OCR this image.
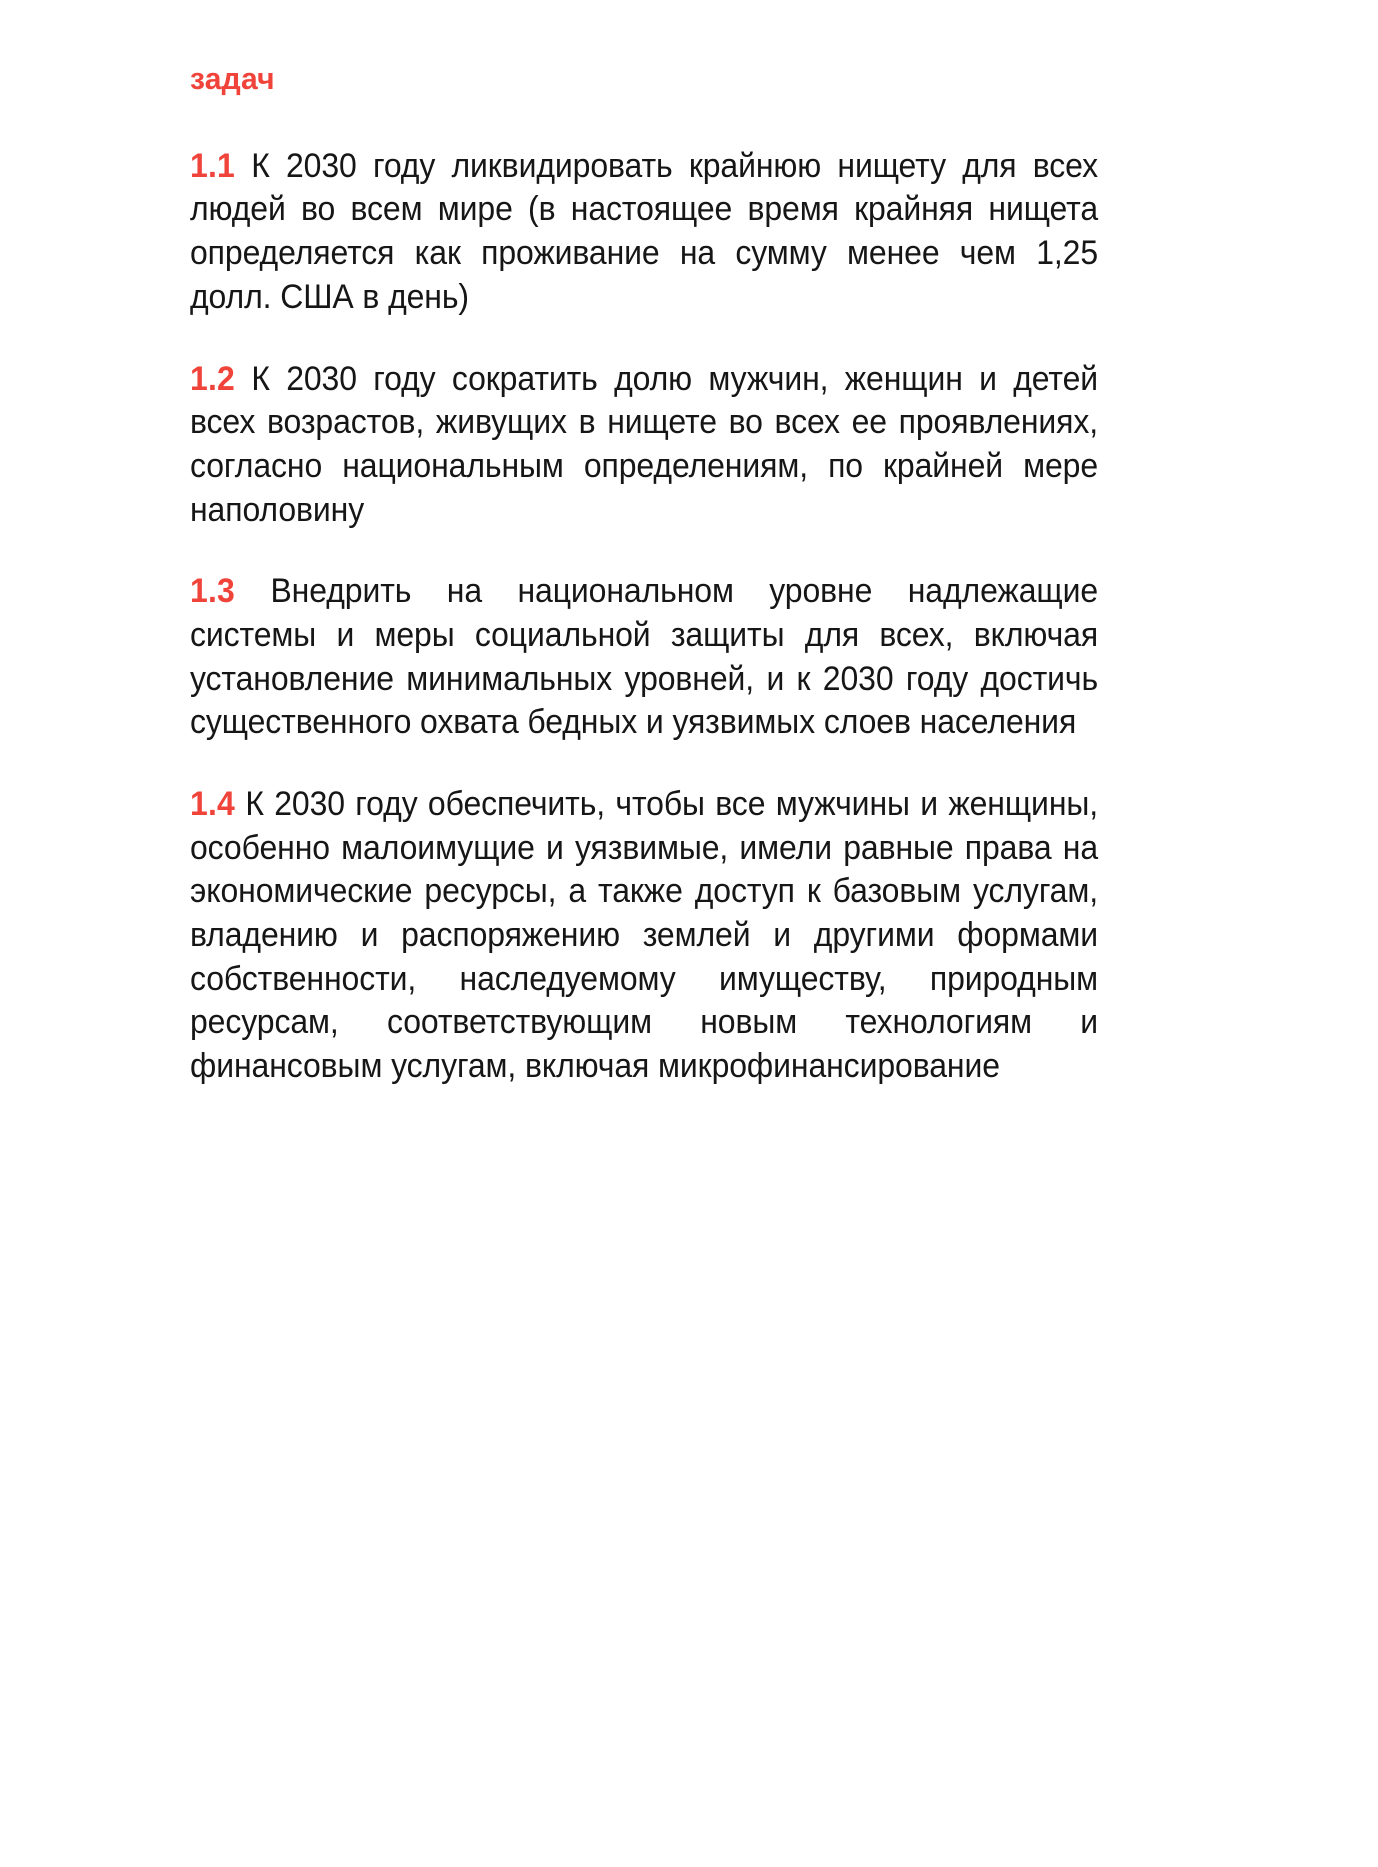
задач

1.1 К 2030 году ликвидировать крайнюю нищету для всех людей во всем мире (в настоящее время крайняя нищета определяется как проживание на сумму менее чем 1,25 долл. США в день)

1.2 К 2030 году сократить долю мужчин, женщин и детей всех возрастов, живущих в нищете во всех ее проявлениях, согласно национальным определениям, по крайней мере наполовину

1.3 Внедрить на национальном уровне надлежащие системы и меры социальной защиты для всех, включая установление минимальных уровней, и к 2030 году достичь существенного охвата бедных и уязвимых слоев населения

1.4 К 2030 году обеспечить, чтобы все мужчины и женщины, особенно малоимущие и уязвимые, имели равные права на экономические ресурсы, а также доступ к базовым услугам, владению и распоряжению землей и другими формами собственности, наследуемому имуществу, природным ресурсам, соответствующим новым технологиям и финансовым услугам, включая микрофинансирование
